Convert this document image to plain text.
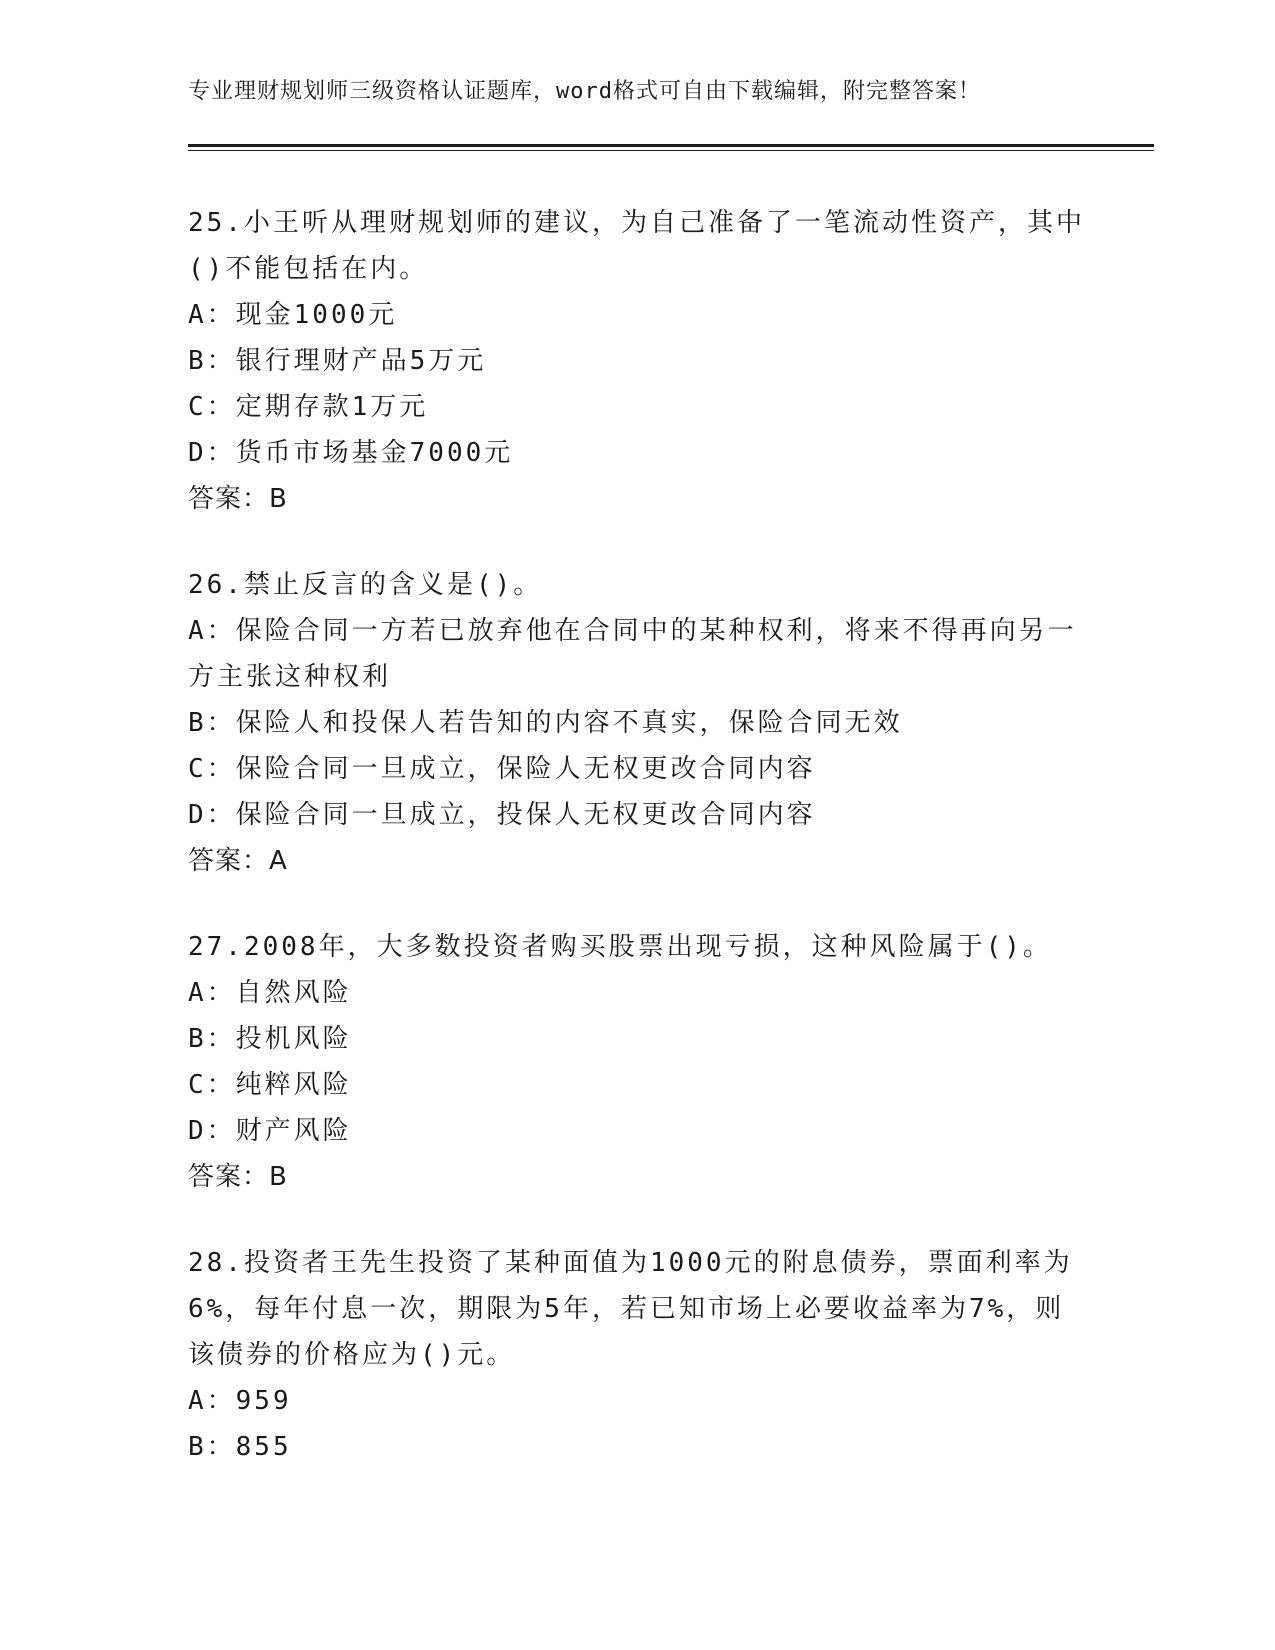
专业理财规划师三级资格认证题库，word格式可自由下载编辑，附完整答案！
25.小王听从理财规划师的建议，为自己准备了一笔流动性资产，其中
()不能包括在内。
A：现金1000元
B：银行理财产品5万元
C：定期存款1万元
D：货币市场基金7000元
答案：B
26.禁止反言的含义是()。
A：保险合同一方若已放弃他在合同中的某种权利，将来不得再向另一
方主张这种权利
B：保险人和投保人若告知的内容不真实，保险合同无效
C：保险合同一旦成立，保险人无权更改合同内容
D：保险合同一旦成立，投保人无权更改合同内容
答案：A
27.2008年，大多数投资者购买股票出现亏损，这种风险属于()。
A：自然风险
B：投机风险
C：纯粹风险
D：财产风险
答案：B
28.投资者王先生投资了某种面值为1000元的附息债券，票面利率为
6%，每年付息一次，期限为5年，若已知市场上必要收益率为7%，则
该债券的价格应为()元。
A：959
B：855
